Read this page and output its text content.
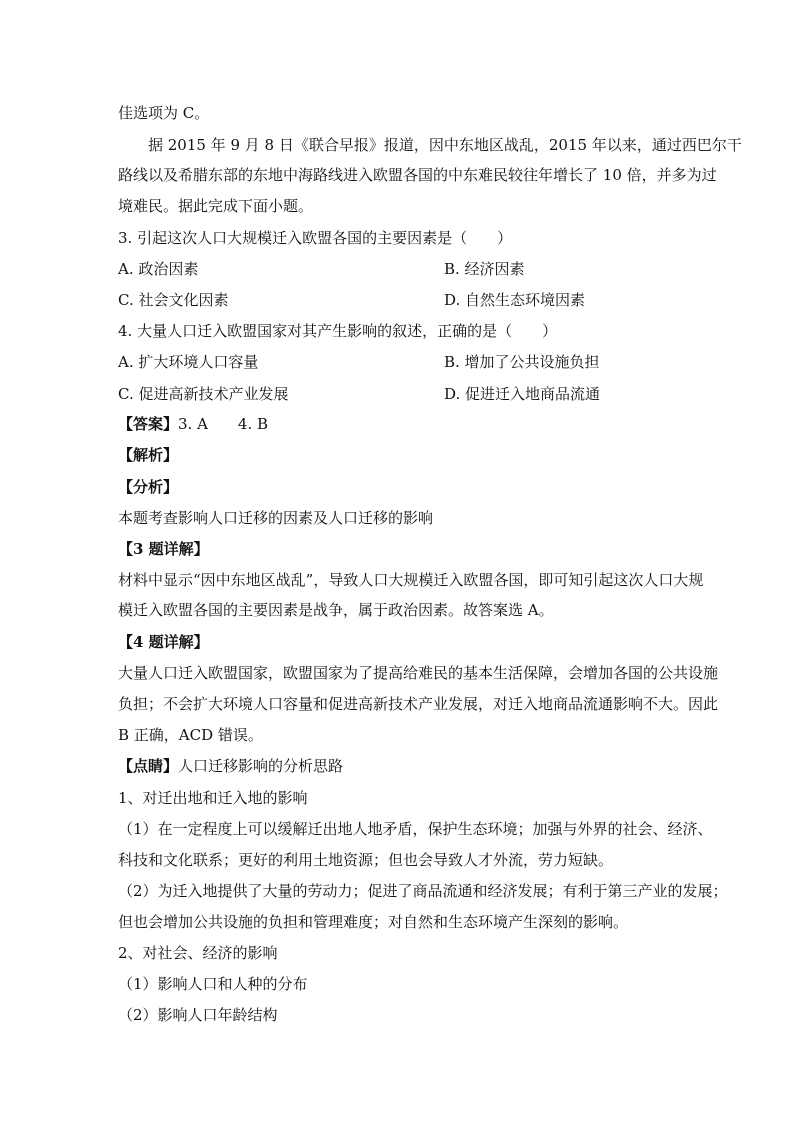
佳选项为 C。
据 2015 年 9 月 8 日《联合早报》报道，因中东地区战乱，2015 年以来，通过西巴尔干
路线以及希腊东部的东地中海路线进入欧盟各国的中东难民较往年增长了 10 倍，并多为过
境难民。据此完成下面小题。
3. 引起这次人口大规模迁入欧盟各国的主要因素是（　　）
A. 政治因素	B. 经济因素
C. 社会文化因素	D. 自然生态环境因素
4. 大量人口迁入欧盟国家对其产生影响的叙述，正确的是（　　）
A. 扩大环境人口容量	B. 增加了公共设施负担
C. 促进高新技术产业发展	D. 促进迁入地商品流通
【答案】3. A　　4. B
【解析】
【分析】
本题考查影响人口迁移的因素及人口迁移的影响
【3 题详解】
材料中显示“因中东地区战乱”，导致人口大规模迁入欧盟各国，即可知引起这次人口大规
模迁入欧盟各国的主要因素是战争，属于政治因素。故答案选 A。
【4 题详解】
大量人口迁入欧盟国家，欧盟国家为了提高给难民的基本生活保障，会增加各国的公共设施
负担；不会扩大环境人口容量和促进高新技术产业发展，对迁入地商品流通影响不大。因此
B 正确，ACD 错误。
【点睛】人口迁移影响的分析思路
1、对迁出地和迁入地的影响
（1）在一定程度上可以缓解迁出地人地矛盾，保护生态环境；加强与外界的社会、经济、
科技和文化联系；更好的利用土地资源；但也会导致人才外流，劳力短缺。
（2）为迁入地提供了大量的劳动力；促进了商品流通和经济发展；有利于第三产业的发展；
但也会增加公共设施的负担和管理难度；对自然和生态环境产生深刻的影响。
2、对社会、经济的影响
（1）影响人口和人种的分布
（2）影响人口年龄结构
